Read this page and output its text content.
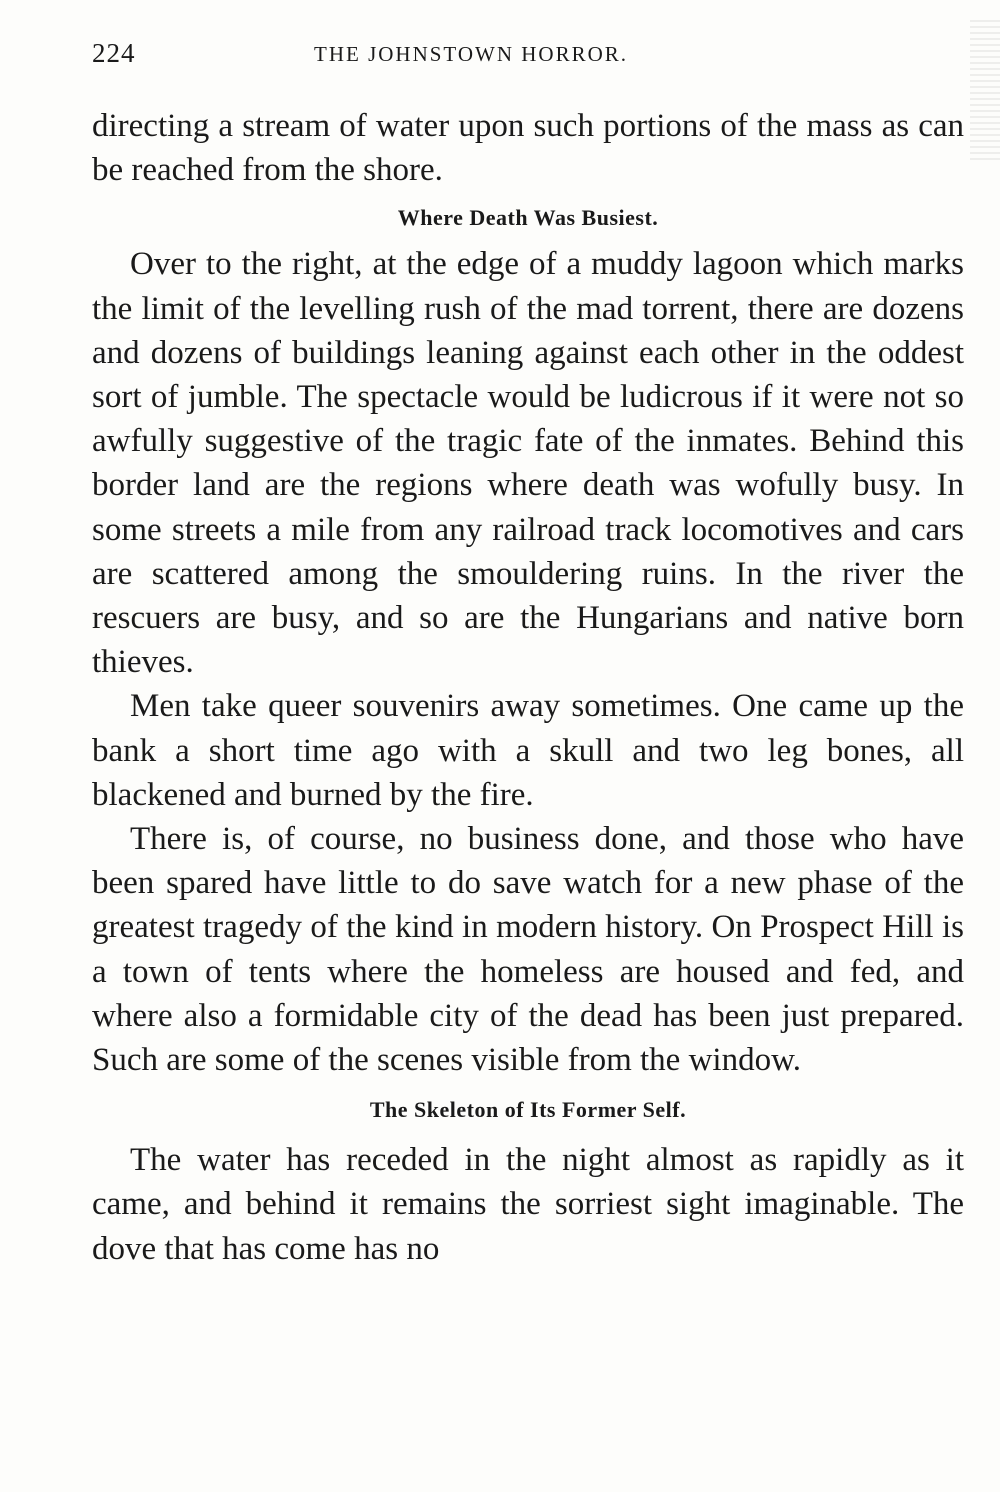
224	THE JOHNSTOWN HORROR.

directing a stream of water upon such portions of the mass as can be reached from the shore.

Where Death Was Busiest.

Over to the right, at the edge of a muddy lagoon which marks the limit of the levelling rush of the mad torrent, there are dozens and dozens of buildings leaning against each other in the oddest sort of jumble. The spectacle would be ludicrous if it were not so awfully suggestive of the tragic fate of the inmates. Behind this border land are the regions where death was wofully busy. In some streets a mile from any railroad track locomotives and cars are scattered among the smouldering ruins. In the river the rescuers are busy, and so are the Hungarians and native born thieves.

Men take queer souvenirs away sometimes. One came up the bank a short time ago with a skull and two leg bones, all blackened and burned by the fire.

There is, of course, no business done, and those who have been spared have little to do save watch for a new phase of the greatest tragedy of the kind in modern history. On Prospect Hill is a town of tents where the homeless are housed and fed, and where also a formidable city of the dead has been just prepared. Such are some of the scenes visible from the window.

The Skeleton of Its Former Self.

The water has receded in the night almost as rapidly as it came, and behind it remains the sorriest sight imaginable. The dove that has come has no
